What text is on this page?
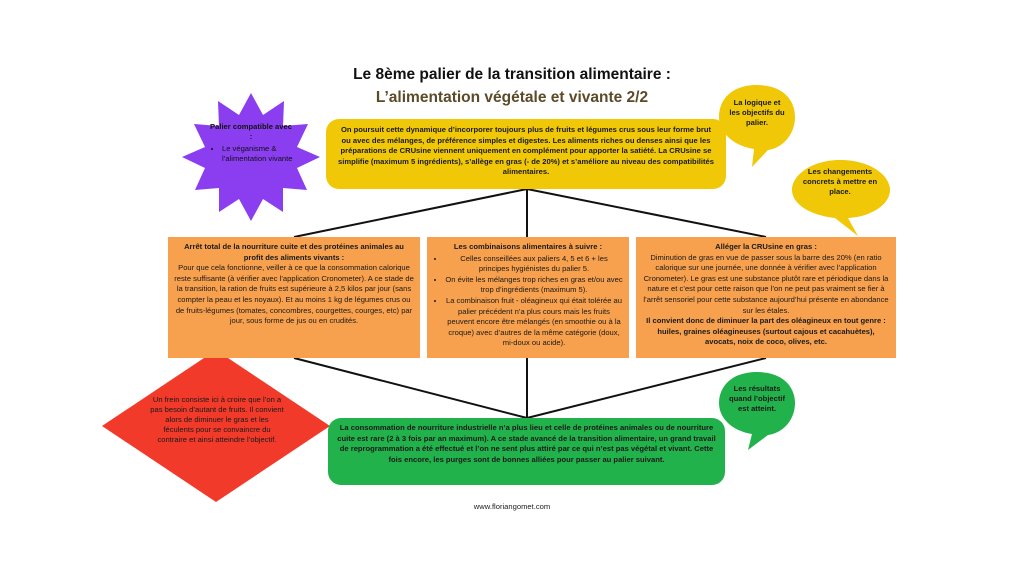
Le 8ème palier de la transition alimentaire :
L’alimentation végétale et vivante 2/2
Palier compatible avec :
• Le véganisme & l’alimentation vivante
On poursuit cette dynamique d’incorporer toujours plus de fruits et légumes crus sous leur forme brut ou avec des mélanges, de préférence simples et digestes. Les aliments riches ou denses ainsi que les préparations de CRUsine viennent uniquement en complément pour apporter la satiété. La CRUsine se simplifie (maximum 5 ingrédients), s’allège en gras (- de 20%) et s’améliore au niveau des compatibilités alimentaires.
La logique et les objectifs du palier.
Les changements concrets à mettre en place.
Les résultats quand l’objectif est atteint.
Arrêt total de la nourriture cuite et des protéines animales au profit des aliments vivants :
Pour que cela fonctionne, veiller à ce que la consommation calorique reste suffisante (à vérifier avec l’application Cronometer). A ce stade de la transition, la ration de fruits est supérieure à 2,5 kilos par jour (sans compter la peau et les noyaux). Et au moins 1 kg de légumes crus ou de fruits-légumes (tomates, concombres, courgettes, courges, etc) par jour, sous forme de jus ou en crudités.
Les combinaisons alimentaires à suivre :
• Celles conseillées aux paliers 4, 5 et 6 + les principes hygiénistes du palier 5.
• On évite les mélanges trop riches en gras et/ou avec trop d’ingrédients (maximum 5).
• La combinaison fruit - oléagineux qui était tolérée au palier précédent n’a plus cours mais les fruits peuvent encore être mélangés (en smoothie ou à la croque) avec d’autres de la même catégorie (doux, mi-doux ou acide).
Alléger la CRUsine en gras :
Diminution de gras en vue de passer sous la barre des 20% (en ratio calorique sur une journée, une donnée à vérifier avec l’application Cronometer). Le gras est une substance plutôt rare et périodique dans la nature et c’est pour cette raison que l’on ne peut pas vraiment se fier à l’arrêt sensoriel pour cette substance aujourd’hui présente en abondance sur les étales.
Il convient donc de diminuer la part des oléagineux en tout genre : huiles, graines oléagineuses (surtout cajous et cacahuètes), avocats, noix de coco, olives, etc.
Un frein consiste ici à croire que l’on a pas besoin d’autant de fruits. Il convient alors de diminuer le gras et les féculents pour se convaincre du contraire et ainsi atteindre l’objectif.
La consommation de nourriture industrielle n’a plus lieu et celle de protéines animales ou de nourriture cuite est rare (2 à 3 fois par an maximum). A ce stade avancé de la transition alimentaire, un grand travail de reprogrammation a été effectué et l’on ne sent plus attiré par ce qui n’est pas végétal et vivant. Cette fois encore, les purges sont de bonnes alliées pour passer au palier suivant.
www.floriangomet.com
